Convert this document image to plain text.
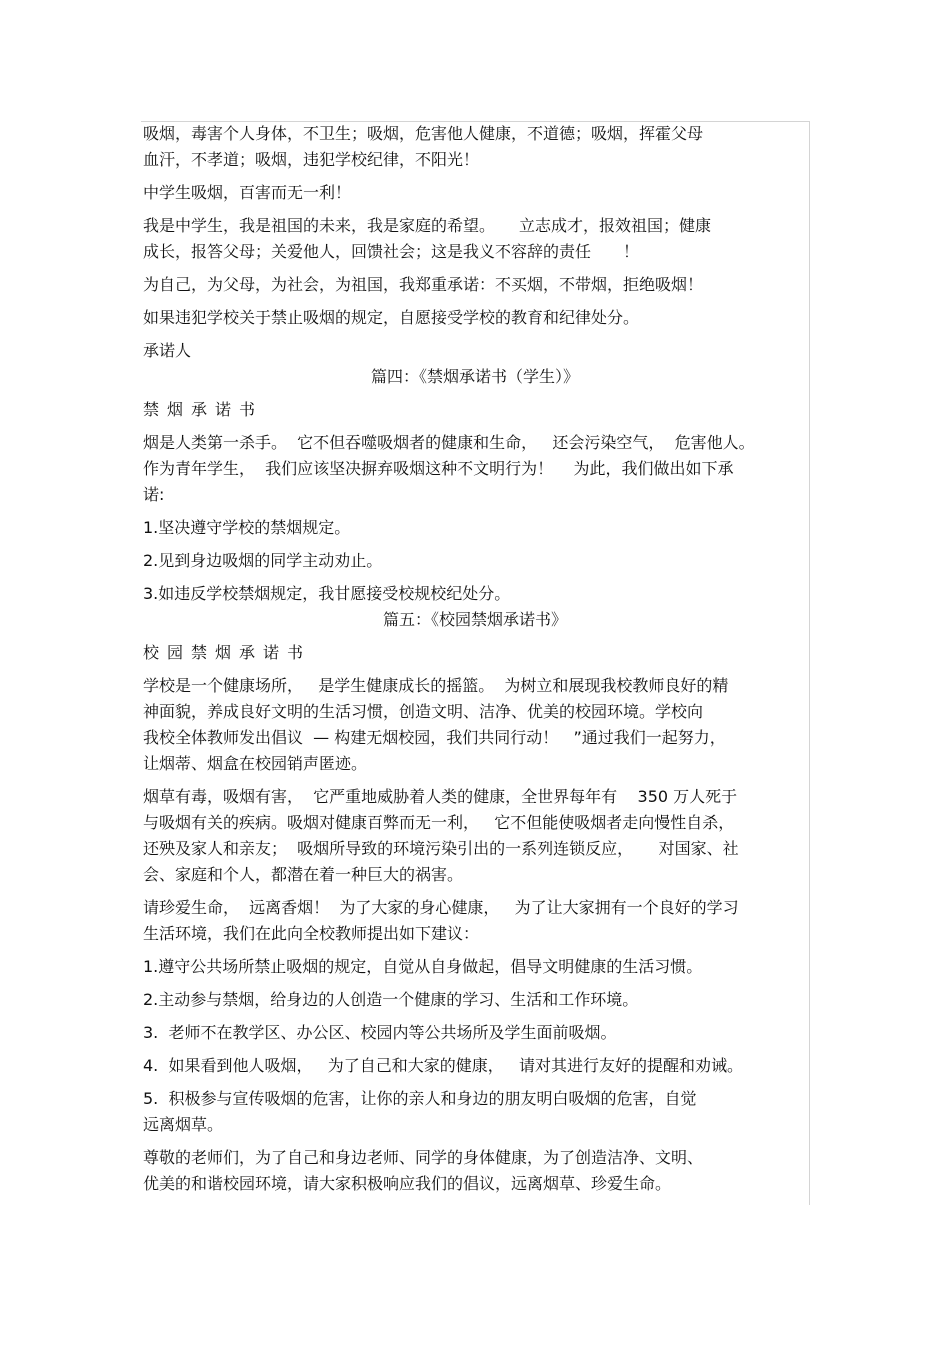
吸烟，毒害个人身体，不卫生；吸烟，危害他人健康，不道德；吸烟，挥霍父母
血汗，不孝道；吸烟，违犯学校纪律，不阳光！
中学生吸烟，百害而无一利！
我是中学生，我是祖国的未来，我是家庭的希望。　　立志成才，报效祖国；健康
成长，报答父母；关爱他人，回馈社会；这是我义不容辞的责任　　！
为自己，为父母，为社会，为祖国，我郑重承诺：不买烟，不带烟，拒绝吸烟！
如果违犯学校关于禁止吸烟的规定，自愿接受学校的教育和纪律处分。
承诺人
篇四：《禁烟承诺书（学生）》
禁烟承诺书
烟是人类第一杀手。  它不但吞噬吸烟者的健康和生命，   还会污染空气，  危害他人。
作为青年学生，  我们应该坚决摒弃吸烟这种不文明行为！    为此，我们做出如下承
诺:
1.坚决遵守学校的禁烟规定。
2.见到身边吸烟的同学主动劝止。
3.如违反学校禁烟规定，我甘愿接受校规校纪处分。
篇五：《校园禁烟承诺书》
校园禁烟承诺书
学校是一个健康场所，   是学生健康成长的摇篮。  为树立和展现我校教师良好的精
神面貌，养成良好文明的生活习惯，创造文明、洁净、优美的校园环境。学校向
我校全体教师发出倡议  — 构建无烟校园，我们共同行动！   ”通过我们一起努力，
让烟蒂、烟盒在校园销声匿迹。
烟草有毒，吸烟有害，  它严重地威胁着人类的健康，全世界每年有    350 万人死于
与吸烟有关的疾病。吸烟对健康百弊而无一利，   它不但能使吸烟者走向慢性自杀，
还殃及家人和亲友；  吸烟所导致的环境污染引出的一系列连锁反应，     对国家、社
会、家庭和个人，都潜在着一种巨大的祸害。
请珍爱生命，  远离香烟！  为了大家的身心健康，   为了让大家拥有一个良好的学习
生活环境，我们在此向全校教师提出如下建议：
1.遵守公共场所禁止吸烟的规定，自觉从自身做起，倡导文明健康的生活习惯。
2.主动参与禁烟，给身边的人创造一个健康的学习、生活和工作环境。
3.  老师不在教学区、办公区、校园内等公共场所及学生面前吸烟。
4.  如果看到他人吸烟，   为了自己和大家的健康，   请对其进行友好的提醒和劝诫。
5.  积极参与宣传吸烟的危害，让你的亲人和身边的朋友明白吸烟的危害，自觉
远离烟草。
尊敬的老师们，为了自己和身边老师、同学的身体健康，为了创造洁净、文明、
优美的和谐校园环境，请大家积极响应我们的倡议，远离烟草、珍爱生命。
